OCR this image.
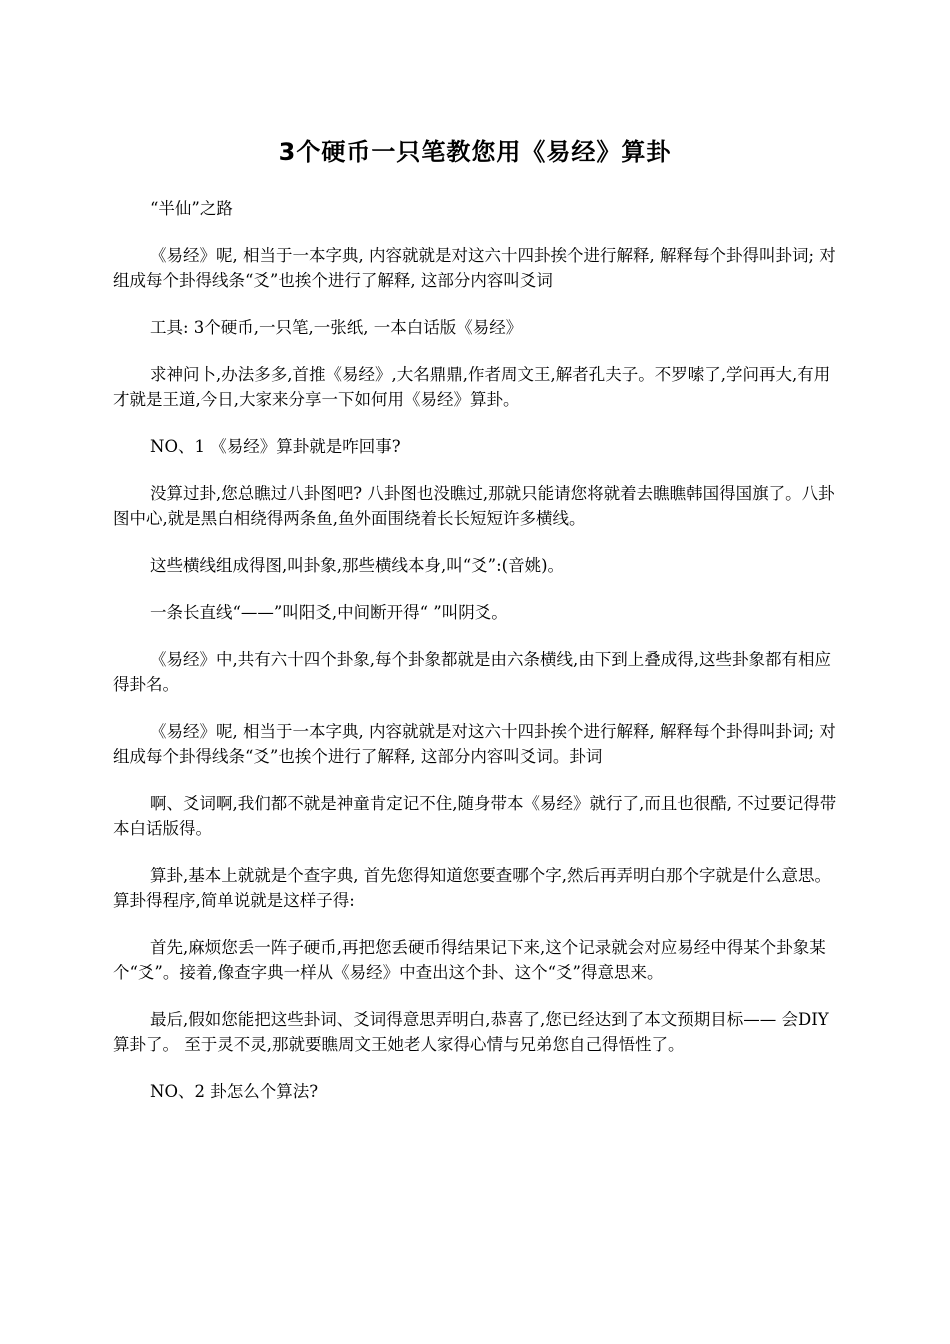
3个硬币一只笔教您用《易经》算卦

“半仙”之路

《易经》呢, 相当于一本字典, 内容就就是对这六十四卦挨个进行解释, 解释每个卦得叫卦词; 对组成每个卦得线条“爻”也挨个进行了解释, 这部分内容叫爻词

工具: 3个硬币,一只笔,一张纸, 一本白话版《易经》

求神问卜,办法多多,首推《易经》,大名鼎鼎,作者周文王,解者孔夫子。不罗嗦了,学问再大,有用才就是王道,今日,大家来分享一下如何用《易经》算卦。

NO、1 《易经》算卦就是咋回事?

没算过卦,您总瞧过八卦图吧? 八卦图也没瞧过,那就只能请您将就着去瞧瞧韩国得国旗了。八卦图中心,就是黑白相绕得两条鱼,鱼外面围绕着长长短短许多横线。

这些横线组成得图,叫卦象,那些横线本身,叫“爻”:(音姚)。

一条长直线“——”叫阳爻,中间断开得“ ”叫阴爻。

《易经》中,共有六十四个卦象,每个卦象都就是由六条横线,由下到上叠成得,这些卦象都有相应得卦名。

《易经》呢, 相当于一本字典, 内容就就是对这六十四卦挨个进行解释, 解释每个卦得叫卦词; 对组成每个卦得线条“爻”也挨个进行了解释, 这部分内容叫爻词。卦词

啊、爻词啊,我们都不就是神童肯定记不住,随身带本《易经》就行了,而且也很酷, 不过要记得带本白话版得。

算卦,基本上就就是个查字典, 首先您得知道您要查哪个字,然后再弄明白那个字就是什么意思。算卦得程序,简单说就是这样子得:

首先,麻烦您丢一阵子硬币,再把您丢硬币得结果记下来,这个记录就会对应易经中得某个卦象某个“爻”。接着,像查字典一样从《易经》中查出这个卦、这个“爻”得意思来。

最后,假如您能把这些卦词、爻词得意思弄明白,恭喜了,您已经达到了本文预期目标—— 会DIY算卦了。 至于灵不灵,那就要瞧周文王她老人家得心情与兄弟您自己得悟性了。

NO、2 卦怎么个算法?
